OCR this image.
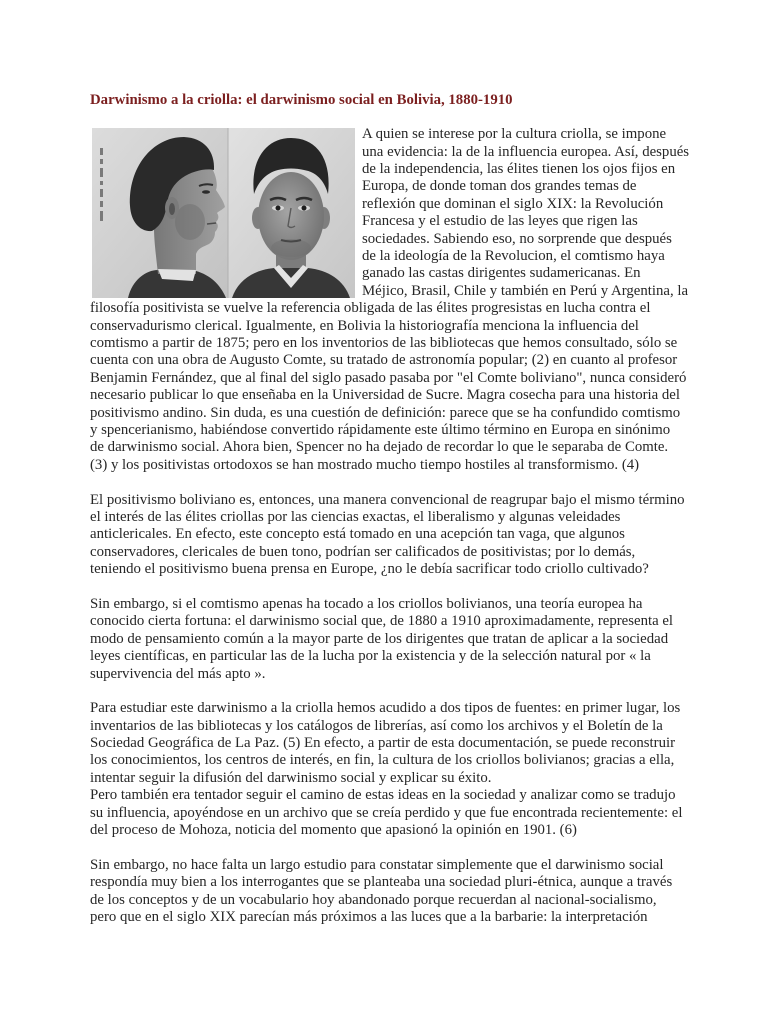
Darwinismo a la criolla: el darwinismo social en Bolivia, 1880-1910
A quien se interese por la cultura criolla, se impone
una evidencia: la de la influencia europea. Así, después
de la independencia, las élites tienen los ojos fijos en
Europa, de donde toman dos grandes temas de
reflexión que dominan el siglo XIX: la Revolución
Francesa y el estudio de las leyes que rigen las
sociedades. Sabiendo eso, no sorprende que después
de la ideología de la Revolucion, el comtismo haya
ganado las castas dirigentes sudamericanas. En
Méjico, Brasil, Chile y también en Perú y Argentina, la
filosofía positivista se vuelve la referencia obligada de las élites progresistas en lucha contra el
conservadurismo clerical. Igualmente, en Bolivia la historiografía menciona la influencia del
comtismo a partir de 1875; pero en los inventorios de las bibliotecas que hemos consultado, sólo se
cuenta con una obra de Augusto Comte, su tratado de astronomía popular; (2) en cuanto al profesor
Benjamin Fernández, que al final del siglo pasado pasaba por "el Comte boliviano", nunca consideró
necesario publicar lo que enseñaba en la Universidad de Sucre. Magra cosecha para una historia del
positivismo andino. Sin duda, es una cuestión de definición: parece que se ha confundido comtismo
y spencerianismo, habiéndose convertido rápidamente este último término en Europa en sinónimo
de darwinismo social. Ahora bien, Spencer no ha dejado de recordar lo que le separaba de Comte.
(3) y los positivistas ortodoxos se han mostrado mucho tiempo hostiles al transformismo. (4)
El positivismo boliviano es, entonces, una manera convencional de reagrupar bajo el mismo término
el interés de las élites criollas por las ciencias exactas, el liberalismo y algunas veleidades
anticlericales. En efecto, este concepto está tomado en una acepción tan vaga, que algunos
conservadores, clericales de buen tono, podrían ser calificados de positivistas; por lo demás,
teniendo el positivismo buena prensa en Europe, ¿no le debía sacrificar todo criollo cultivado?
Sin embargo, si el comtismo apenas ha tocado a los criollos bolivianos, una teoría europea ha
conocido cierta fortuna: el darwinismo social que, de 1880 a 1910 aproximadamente, representa el
modo de pensamiento común a la mayor parte de los dirigentes que tratan de aplicar a la sociedad
leyes científicas, en particular las de la lucha por la existencia y de la selección natural por « la
supervivencia del más apto ».
Para estudiar este darwinismo a la criolla hemos acudido a dos tipos de fuentes: en primer lugar, los
inventarios de las bibliotecas y los catálogos de librerías, así como los archivos y el Boletín de la
Sociedad Geográfica de La Paz. (5) En efecto, a partir de esta documentación, se puede reconstruir
los conocimientos, los centros de interés, en fin, la cultura de los criollos bolivianos; gracias a ella,
intentar seguir la difusión del darwinismo social y explicar su éxito.
Pero también era tentador seguir el camino de estas ideas en la sociedad y analizar como se tradujo
su influencia, apoyéndose en un archivo que se creía perdido y que fue encontrada recientemente: el
del proceso de Mohoza, noticia del momento que apasionó la opinión en 1901. (6)
Sin embargo, no hace falta un largo estudio para constatar simplemente que el darwinismo social
respondía muy bien a los interrogantes que se planteaba una sociedad pluri-étnica, aunque a través
de los conceptos y de un vocabulario hoy abandonado porque recuerdan al nacional-socialismo,
pero que en el siglo XIX parecían más próximos a las luces que a la barbarie: la interpretación
